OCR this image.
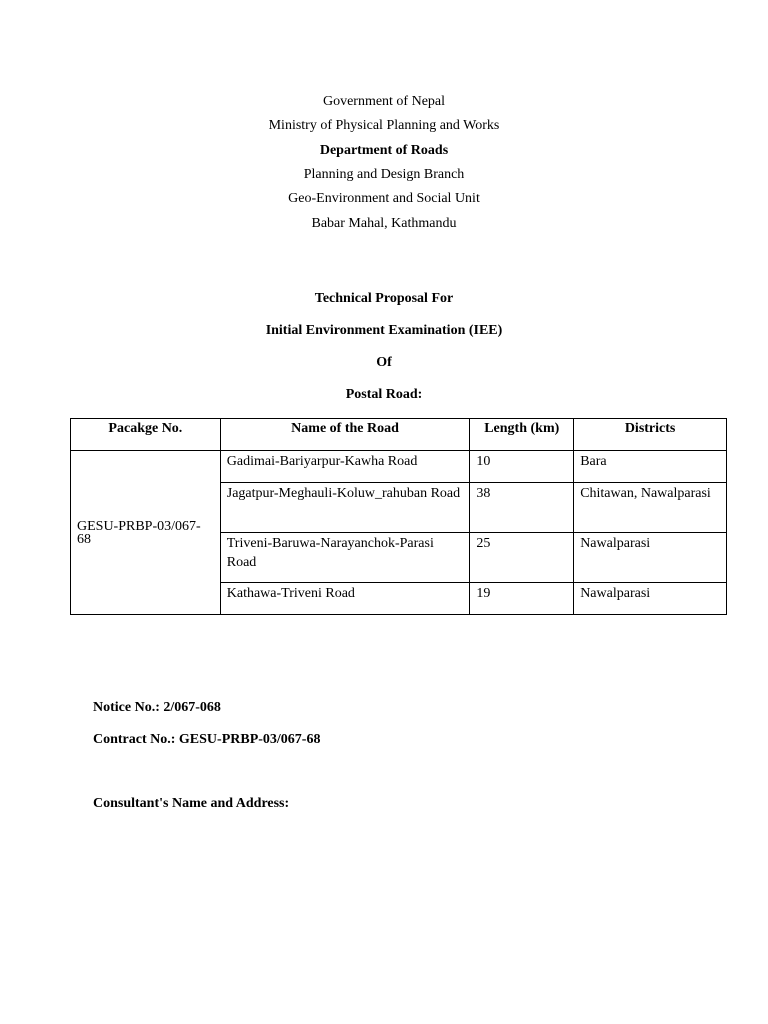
Government of Nepal
Ministry of Physical Planning and Works
Department of Roads
Planning and Design Branch
Geo-Environment and Social Unit
Babar Mahal, Kathmandu
Technical Proposal For
Initial Environment Examination (IEE)
Of
Postal Road:
Pacakge No.	Name of the Road	Length (km)	Districts
GESU-PRBP-03/067-68	Gadimai-Bariyarpur-Kawha Road	10	Bara
	Jagatpur-Meghauli-Koluw_rahuban Road	38	Chitawan, Nawalparasi
	Triveni-Baruwa-Narayanchok-Parasi Road	25	Nawalparasi
	Kathawa-Triveni Road	19	Nawalparasi
Notice No.: 2/067-068
Contract No.: GESU-PRBP-03/067-68
Consultant's Name and Address:
